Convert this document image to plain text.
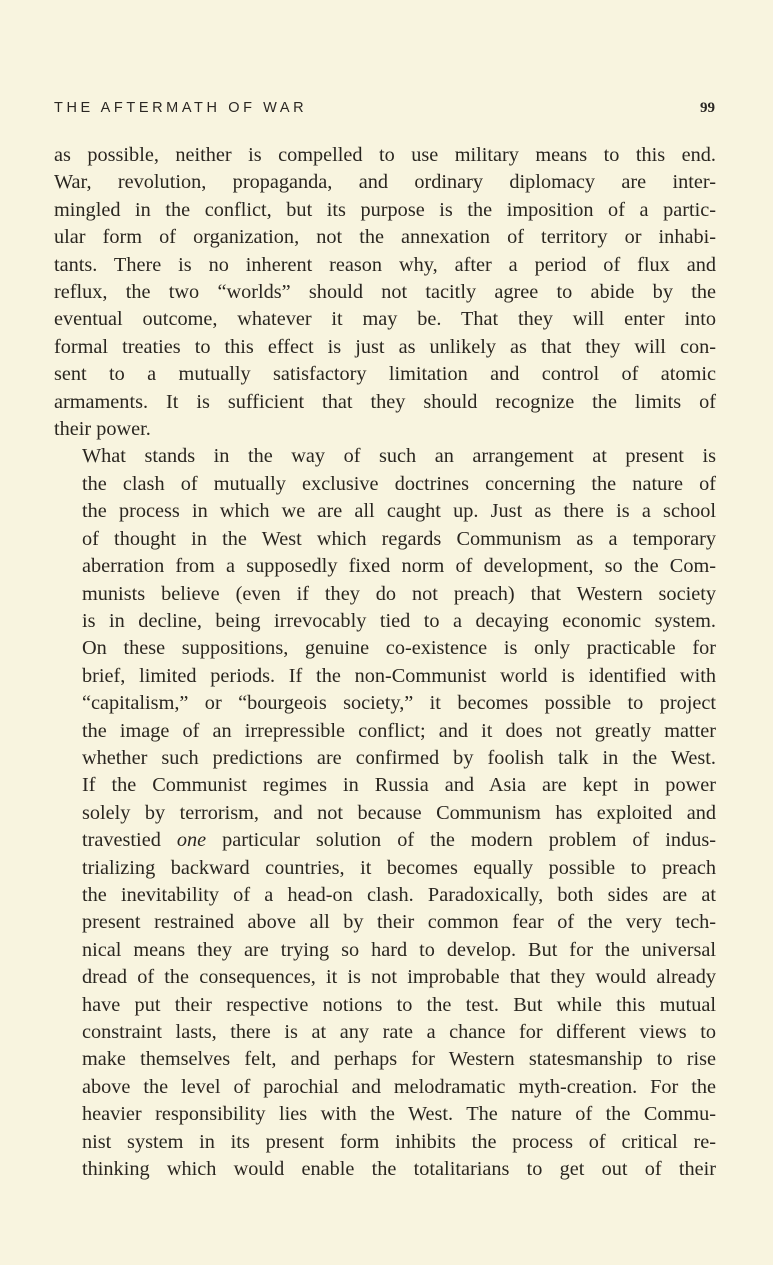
THE AFTERMATH OF WAR	99

as possible, neither is compelled to use military means to this end.
War, revolution, propaganda, and ordinary diplomacy are inter-
mingled in the conflict, but its purpose is the imposition of a partic-
ular form of organization, not the annexation of territory or inhabi-
tants. There is no inherent reason why, after a period of flux and
reflux, the two “worlds” should not tacitly agree to abide by the
eventual outcome, whatever it may be. That they will enter into
formal treaties to this effect is just as unlikely as that they will con-
sent to a mutually satisfactory limitation and control of atomic
armaments. It is sufficient that they should recognize the limits of
their power.

What stands in the way of such an arrangement at present is
the clash of mutually exclusive doctrines concerning the nature of
the process in which we are all caught up. Just as there is a school
of thought in the West which regards Communism as a temporary
aberration from a supposedly fixed norm of development, so the Com-
munists believe (even if they do not preach) that Western society
is in decline, being irrevocably tied to a decaying economic system.
On these suppositions, genuine co-existence is only practicable for
brief, limited periods. If the non-Communist world is identified with
“capitalism,” or “bourgeois society,” it becomes possible to project
the image of an irrepressible conflict; and it does not greatly matter
whether such predictions are confirmed by foolish talk in the West.
If the Communist regimes in Russia and Asia are kept in power
solely by terrorism, and not because Communism has exploited and
travestied one particular solution of the modern problem of indus-
trializing backward countries, it becomes equally possible to preach
the inevitability of a head-on clash. Paradoxically, both sides are at
present restrained above all by their common fear of the very tech-
nical means they are trying so hard to develop. But for the universal
dread of the consequences, it is not improbable that they would already
have put their respective notions to the test. But while this mutual
constraint lasts, there is at any rate a chance for different views to
make themselves felt, and perhaps for Western statesmanship to rise
above the level of parochial and melodramatic myth-creation. For the
heavier responsibility lies with the West. The nature of the Commu-
nist system in its present form inhibits the process of critical re-
thinking which would enable the totalitarians to get out of their
